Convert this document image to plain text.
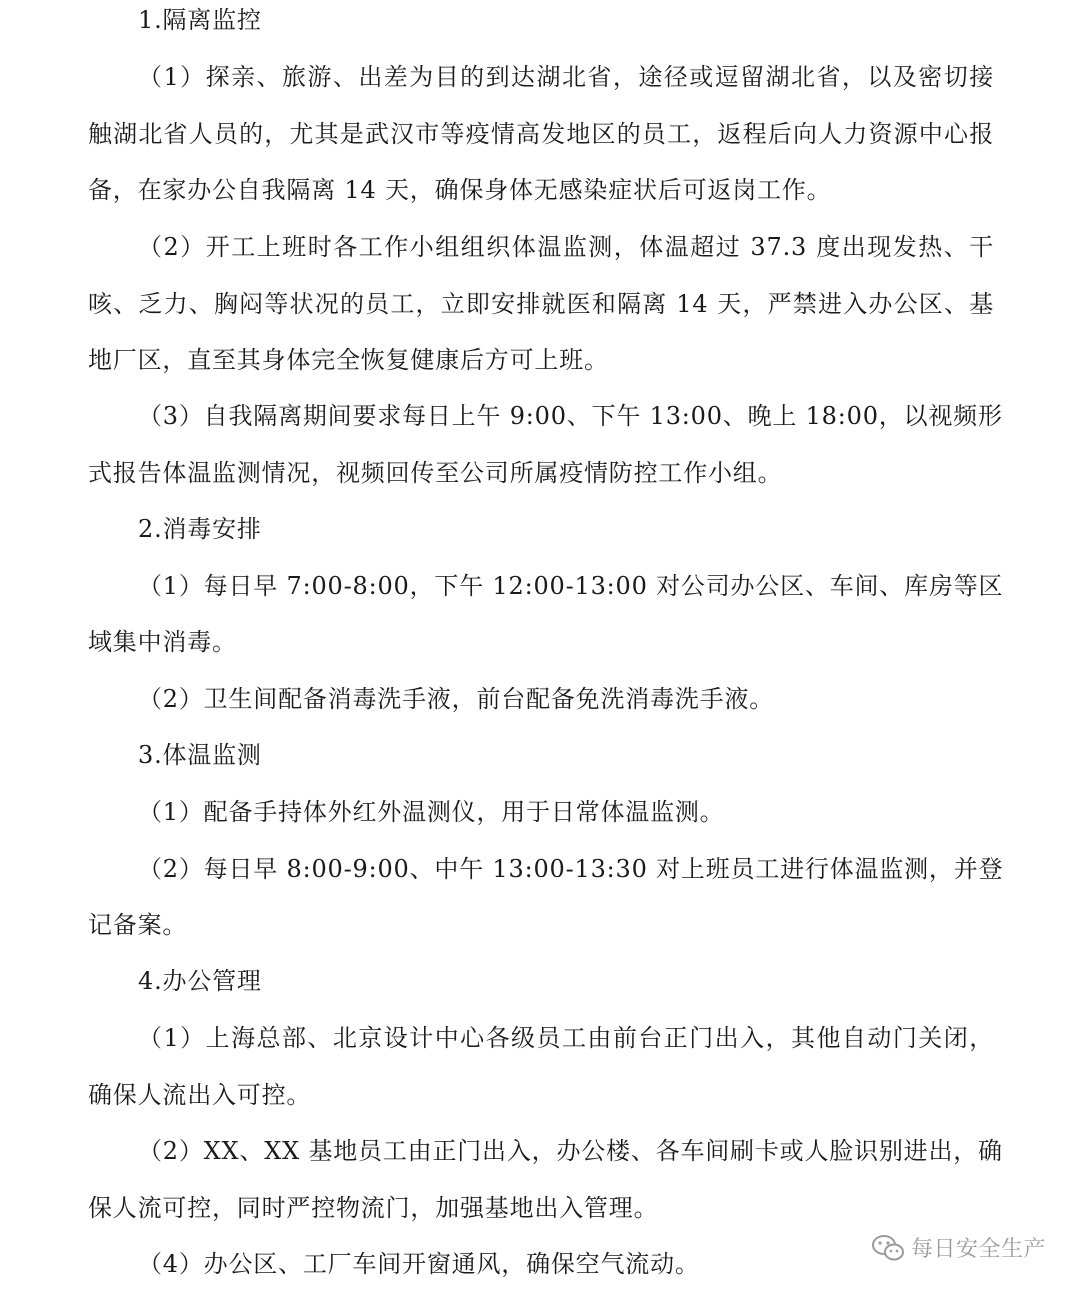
1.隔离监控
（1）探亲、旅游、出差为目的到达湖北省，途径或逗留湖北省，以及密切接
触湖北省人员的，尤其是武汉市等疫情高发地区的员工，返程后向人力资源中心报
备，在家办公自我隔离 14 天，确保身体无感染症状后可返岗工作。
（2）开工上班时各工作小组组织体温监测，体温超过 37.3 度出现发热、干
咳、乏力、胸闷等状况的员工，立即安排就医和隔离 14 天，严禁进入办公区、基
地厂区，直至其身体完全恢复健康后方可上班。
（3）自我隔离期间要求每日上午 9:00、下午 13:00、晚上 18:00，以视频形
式报告体温监测情况，视频回传至公司所属疫情防控工作小组。
2.消毒安排
（1）每日早 7:00-8:00，下午 12:00-13:00 对公司办公区、车间、库房等区
域集中消毒。
（2）卫生间配备消毒洗手液，前台配备免洗消毒洗手液。
3.体温监测
（1）配备手持体外红外温测仪，用于日常体温监测。
（2）每日早 8:00-9:00、中午 13:00-13:30 对上班员工进行体温监测，并登
记备案。
4.办公管理
（1）上海总部、北京设计中心各级员工由前台正门出入，其他自动门关闭，
确保人流出入可控。
（2）XX、XX 基地员工由正门出入，办公楼、各车间刷卡或人脸识别进出，确
保人流可控，同时严控物流门，加强基地出入管理。
（4）办公区、工厂车间开窗通风，确保空气流动。
每日安全生产
